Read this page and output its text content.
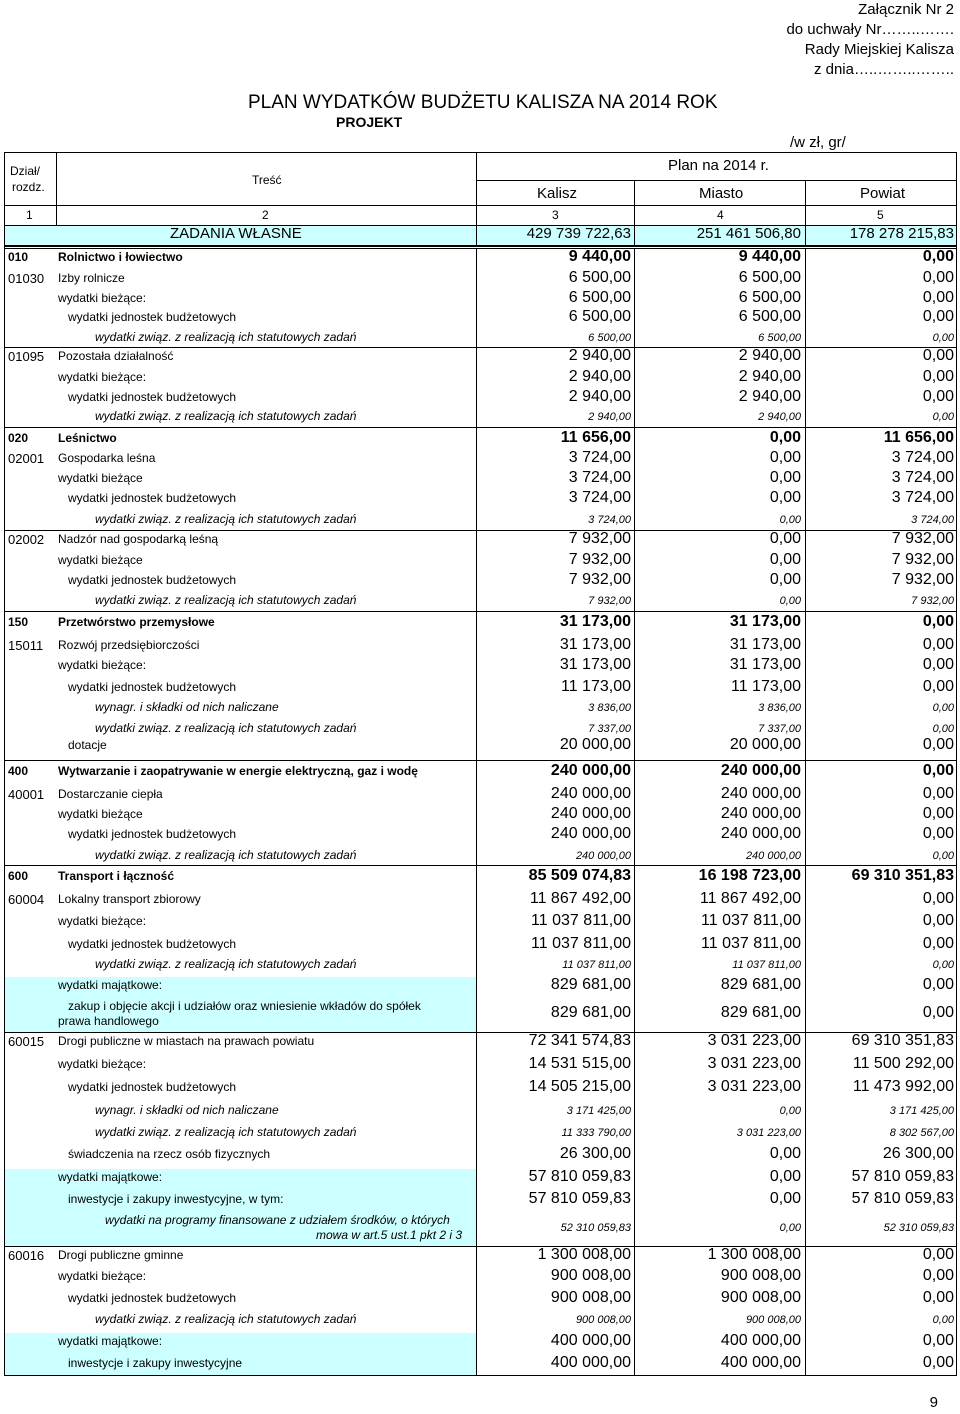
Załącznik Nr 2
do uchwały Nr……..…….
Rady Miejskiej Kalisza
z dnia…..……..……..
PLAN WYDATKÓW BUDŻETU KALISZA NA 2014 ROK
PROJEKT
/w zł, gr/
Dział/
rozdz.	Treść
Plan na 2014 r.
Kalisz	Miasto	Powiat
1	2	3	4	5
ZADANIA WŁASNE	429 739 722,63	251 461 506,80	178 278 215,83
010 Rolnictwo i łowiectwo	9 440,00	9 440,00	0,00
01030 Izby rolnicze	6 500,00	6 500,00	0,00
wydatki bieżące:	6 500,00	6 500,00	0,00
wydatki jednostek budżetowych	6 500,00	6 500,00	0,00
wydatki związ. z realizacją ich statutowych zadań	6 500,00	6 500,00	0,00
01095 Pozostała działalność	2 940,00	2 940,00	0,00
wydatki bieżące:	2 940,00	2 940,00	0,00
wydatki jednostek budżetowych	2 940,00	2 940,00	0,00
wydatki związ. z realizacją ich statutowych zadań	2 940,00	2 940,00	0,00
020 Leśnictwo	11 656,00	0,00	11 656,00
02001 Gospodarka leśna	3 724,00	0,00	3 724,00
wydatki bieżące	3 724,00	0,00	3 724,00
wydatki jednostek budżetowych	3 724,00	0,00	3 724,00
wydatki związ. z realizacją ich statutowych zadań	3 724,00	0,00	3 724,00
02002 Nadzór nad gospodarką leśną	7 932,00	0,00	7 932,00
wydatki bieżące	7 932,00	0,00	7 932,00
wydatki jednostek budżetowych	7 932,00	0,00	7 932,00
wydatki związ. z realizacją ich statutowych zadań	7 932,00	0,00	7 932,00
150 Przetwórstwo przemysłowe	31 173,00	31 173,00	0,00
15011 Rozwój przedsiębiorczości	31 173,00	31 173,00	0,00
wydatki bieżące:	31 173,00	31 173,00	0,00
wydatki jednostek budżetowych	11 173,00	11 173,00	0,00
wynagr. i składki od nich naliczane	3 836,00	3 836,00	0,00
wydatki związ. z realizacją ich statutowych zadań	7 337,00	7 337,00	0,00
dotacje	20 000,00	20 000,00	0,00
400 Wytwarzanie i zaopatrywanie w energie elektryczną, gaz i wodę	240 000,00	240 000,00	0,00
40001 Dostarczanie ciepła	240 000,00	240 000,00	0,00
wydatki bieżące	240 000,00	240 000,00	0,00
wydatki jednostek budżetowych	240 000,00	240 000,00	0,00
wydatki związ. z realizacją ich statutowych zadań	240 000,00	240 000,00	0,00
600 Transport i łączność	85 509 074,83	16 198 723,00	69 310 351,83
60004 Lokalny transport zbiorowy	11 867 492,00	11 867 492,00	0,00
wydatki bieżące:	11 037 811,00	11 037 811,00	0,00
wydatki jednostek budżetowych	11 037 811,00	11 037 811,00	0,00
wydatki związ. z realizacją ich statutowych zadań	11 037 811,00	11 037 811,00	0,00
wydatki majątkowe:	829 681,00	829 681,00	0,00
zakup i objęcie akcji i udziałów oraz wniesienie wkładów do spółek
prawa handlowego	829 681,00	829 681,00	0,00
60015 Drogi publiczne w miastach na prawach powiatu	72 341 574,83	3 031 223,00	69 310 351,83
wydatki bieżące:	14 531 515,00	3 031 223,00	11 500 292,00
wydatki jednostek budżetowych	14 505 215,00	3 031 223,00	11 473 992,00
wynagr. i składki od nich naliczane	3 171 425,00	0,00	3 171 425,00
wydatki związ. z realizacją ich statutowych zadań	11 333 790,00	3 031 223,00	8 302 567,00
świadczenia na rzecz osób fizycznych	26 300,00	0,00	26 300,00
wydatki majątkowe:	57 810 059,83	0,00	57 810 059,83
inwestycje i zakupy inwestycyjne, w tym:	57 810 059,83	0,00	57 810 059,83
wydatki na programy finansowane z udziałem środków, o których
mowa w art.5 ust.1 pkt 2 i 3	52 310 059,83	0,00	52 310 059,83
60016 Drogi publiczne gminne	1 300 008,00	1 300 008,00	0,00
wydatki bieżące:	900 008,00	900 008,00	0,00
wydatki jednostek budżetowych	900 008,00	900 008,00	0,00
wydatki związ. z realizacją ich statutowych zadań	900 008,00	900 008,00	0,00
wydatki majątkowe:	400 000,00	400 000,00	0,00
inwestycje i zakupy inwestycyjne	400 000,00	400 000,00	0,00
9
